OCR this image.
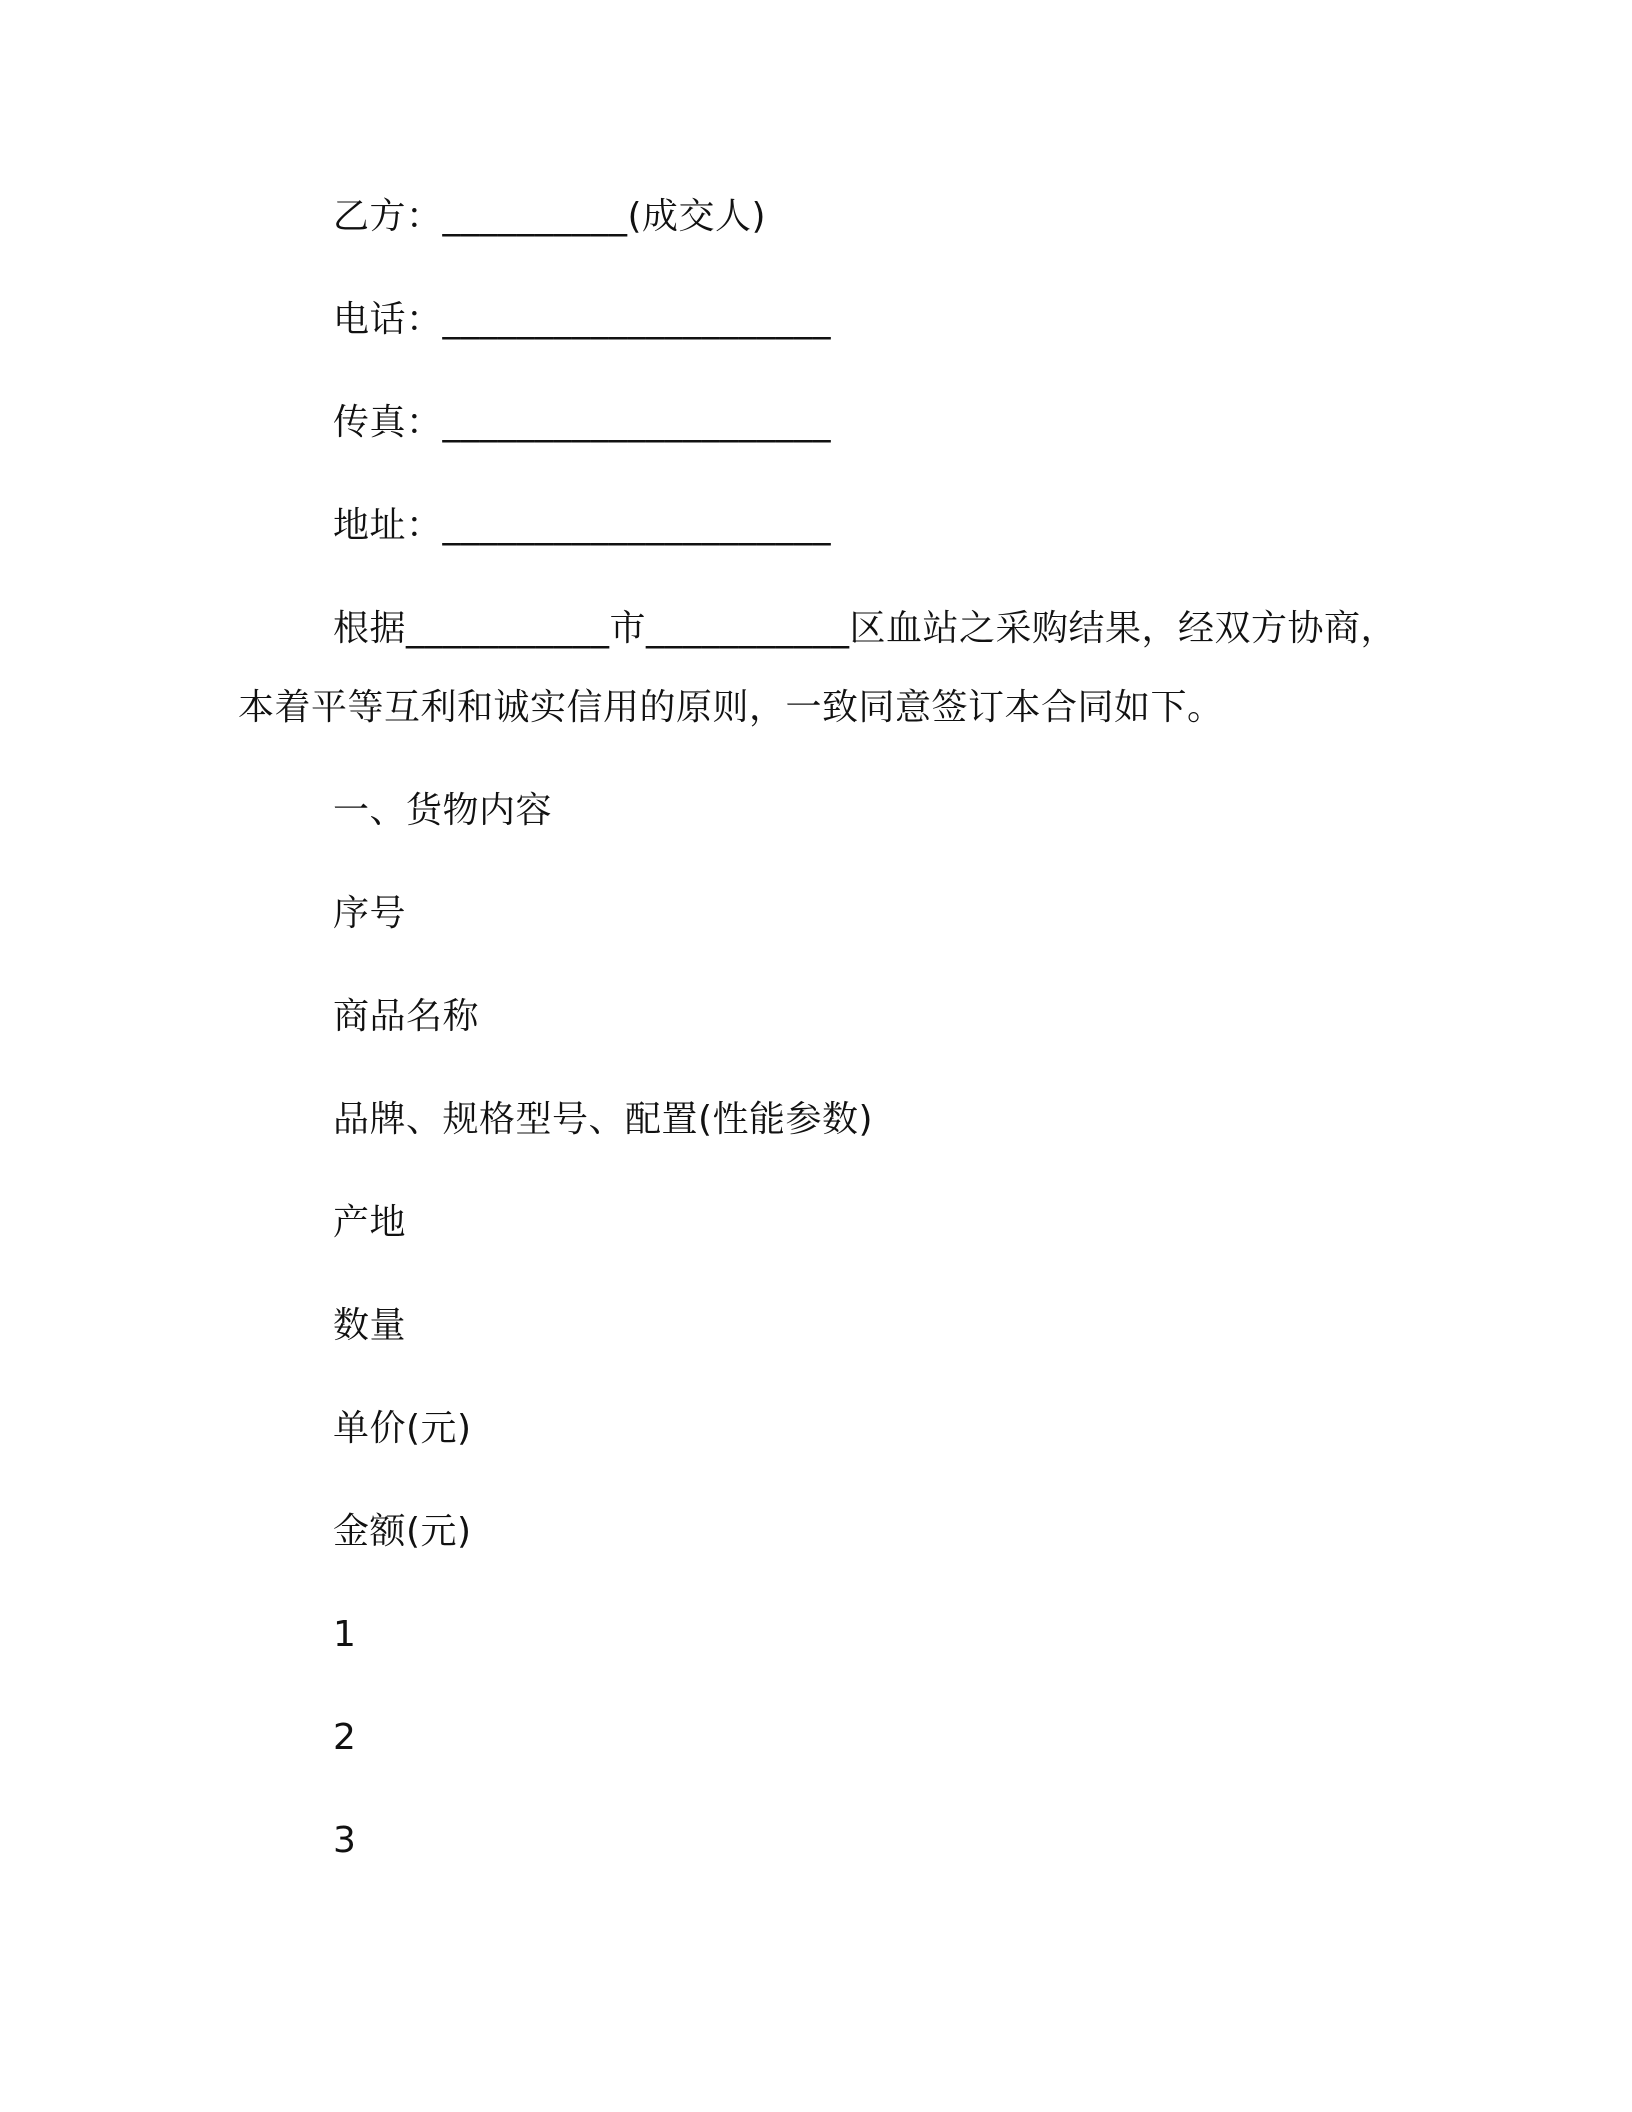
乙方：__________(成交人)
电话：_____________________
传真：_____________________
地址：_____________________
根据___________市___________区血站之采购结果，经双方协商，
本着平等互利和诚实信用的原则，一致同意签订本合同如下。
一、货物内容
序号
商品名称
品牌、规格型号、配置(性能参数)
产地
数量
单价(元)
金额(元)
1
2
3
